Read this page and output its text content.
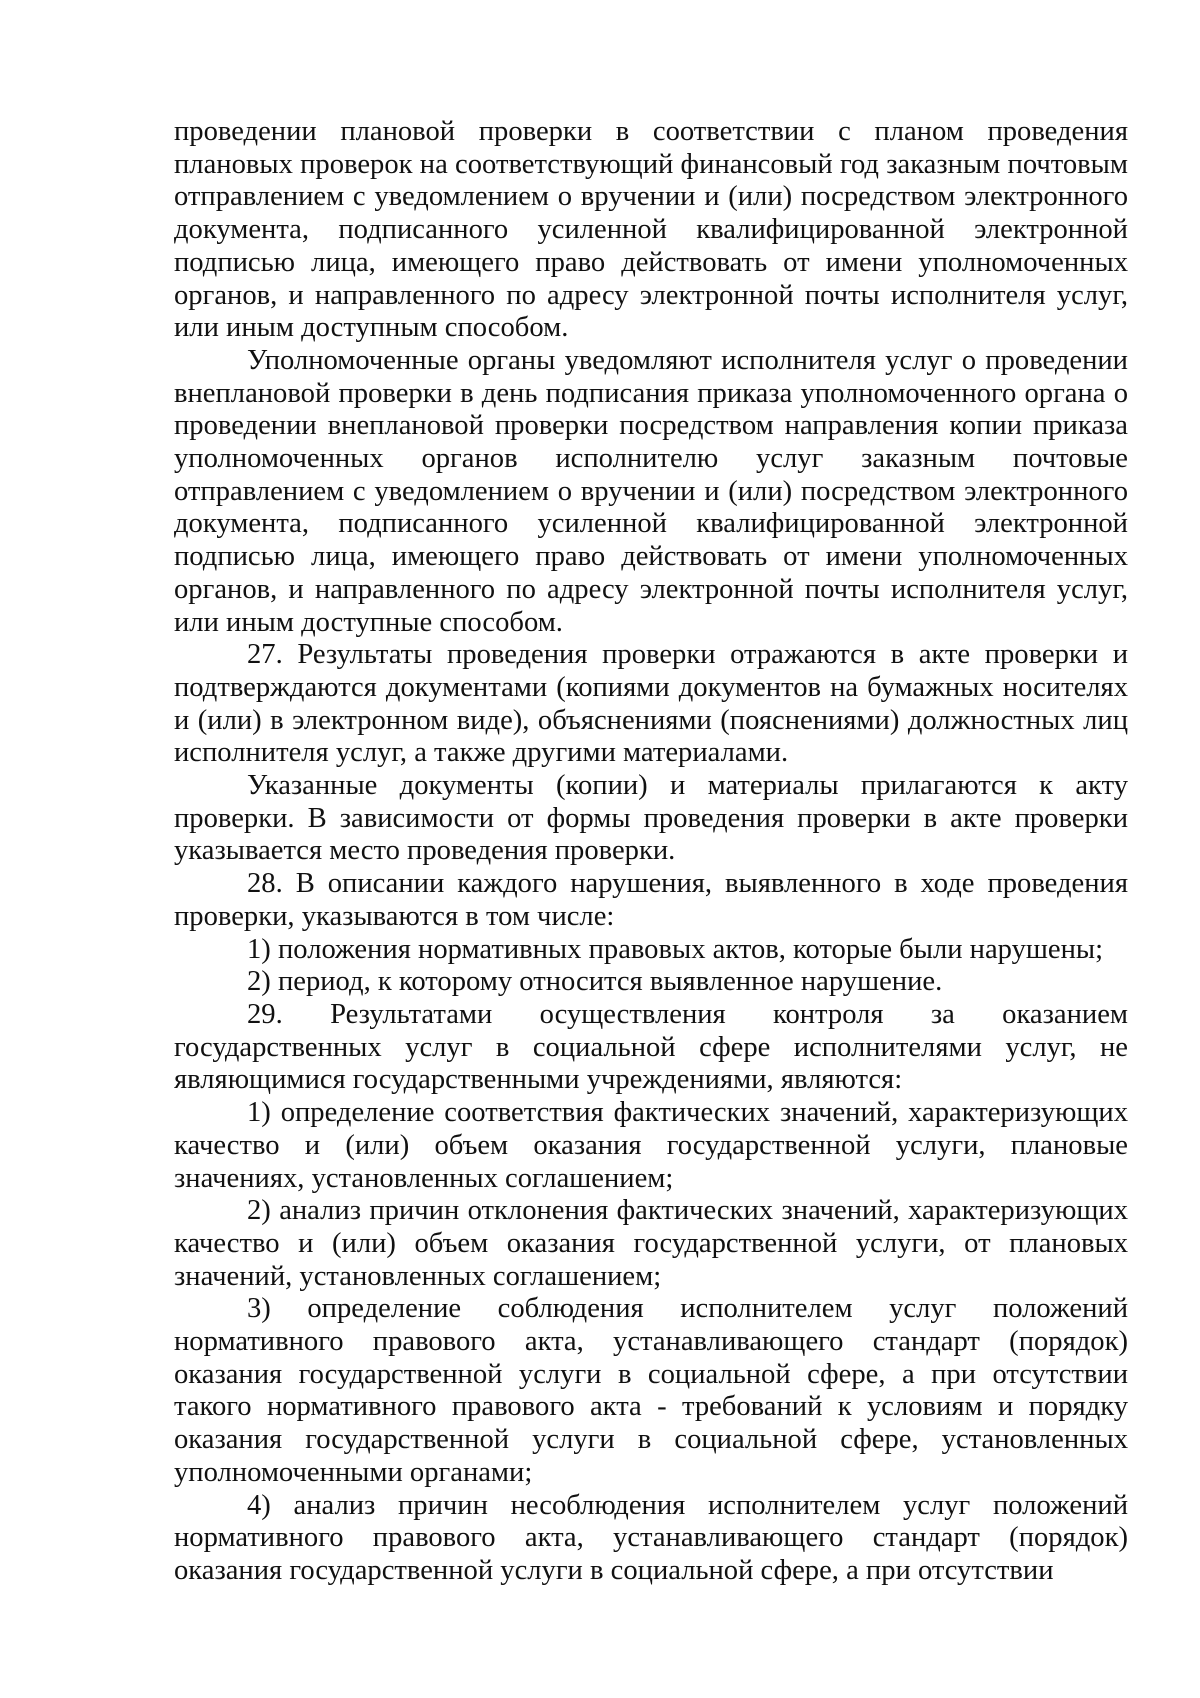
проведении плановой проверки в соответствии с планом проведения плановых проверок на соответствующий финансовый год заказным почтовым отправлением с уведомлением о вручении и (или) посредством электронного документа, подписанного усиленной квалифицированной электронной подписью лица, имеющего право действовать от имени уполномоченных органов, и направленного по адресу электронной почты исполнителя услуг, или иным доступным способом.

Уполномоченные органы уведомляют исполнителя услуг о проведении внеплановой проверки в день подписания приказа уполномоченного органа о проведении внеплановой проверки посредством направления копии приказа уполномоченных органов исполнителю услуг заказным почтовые отправлением с уведомлением о вручении и (или) посредством электронного документа, подписанного усиленной квалифицированной электронной подписью лица, имеющего право действовать от имени уполномоченных органов, и направленного по адресу электронной почты исполнителя услуг, или иным доступные способом.

27. Результаты проведения проверки отражаются в акте проверки и подтверждаются документами (копиями документов на бумажных носителях и (или) в электронном виде), объяснениями (пояснениями) должностных лиц исполнителя услуг, а также другими материалами.

Указанные документы (копии) и материалы прилагаются к акту проверки. В зависимости от формы проведения проверки в акте проверки указывается место проведения проверки.

28. В описании каждого нарушения, выявленного в ходе проведения проверки, указываются в том числе:

1) положения нормативных правовых актов, которые были нарушены;

2) период, к которому относится выявленное нарушение.

29. Результатами осуществления контроля за оказанием государственных услуг в социальной сфере исполнителями услуг, не являющимися государственными учреждениями, являются:

1) определение соответствия фактических значений, характеризующих качество и (или) объем оказания государственной услуги, плановые значениях, установленных соглашением;

2) анализ причин отклонения фактических значений, характеризующих качество и (или) объем оказания государственной услуги, от плановых значений, установленных соглашением;

3) определение соблюдения исполнителем услуг положений нормативного правового акта, устанавливающего стандарт (порядок) оказания государственной услуги в социальной сфере, а при отсутствии такого нормативного правового акта - требований к условиям и порядку оказания государственной услуги в социальной сфере, установленных уполномоченными органами;

4) анализ причин несоблюдения исполнителем услуг положений нормативного правового акта, устанавливающего стандарт (порядок) оказания государственной услуги в социальной сфере, а при отсутствии
